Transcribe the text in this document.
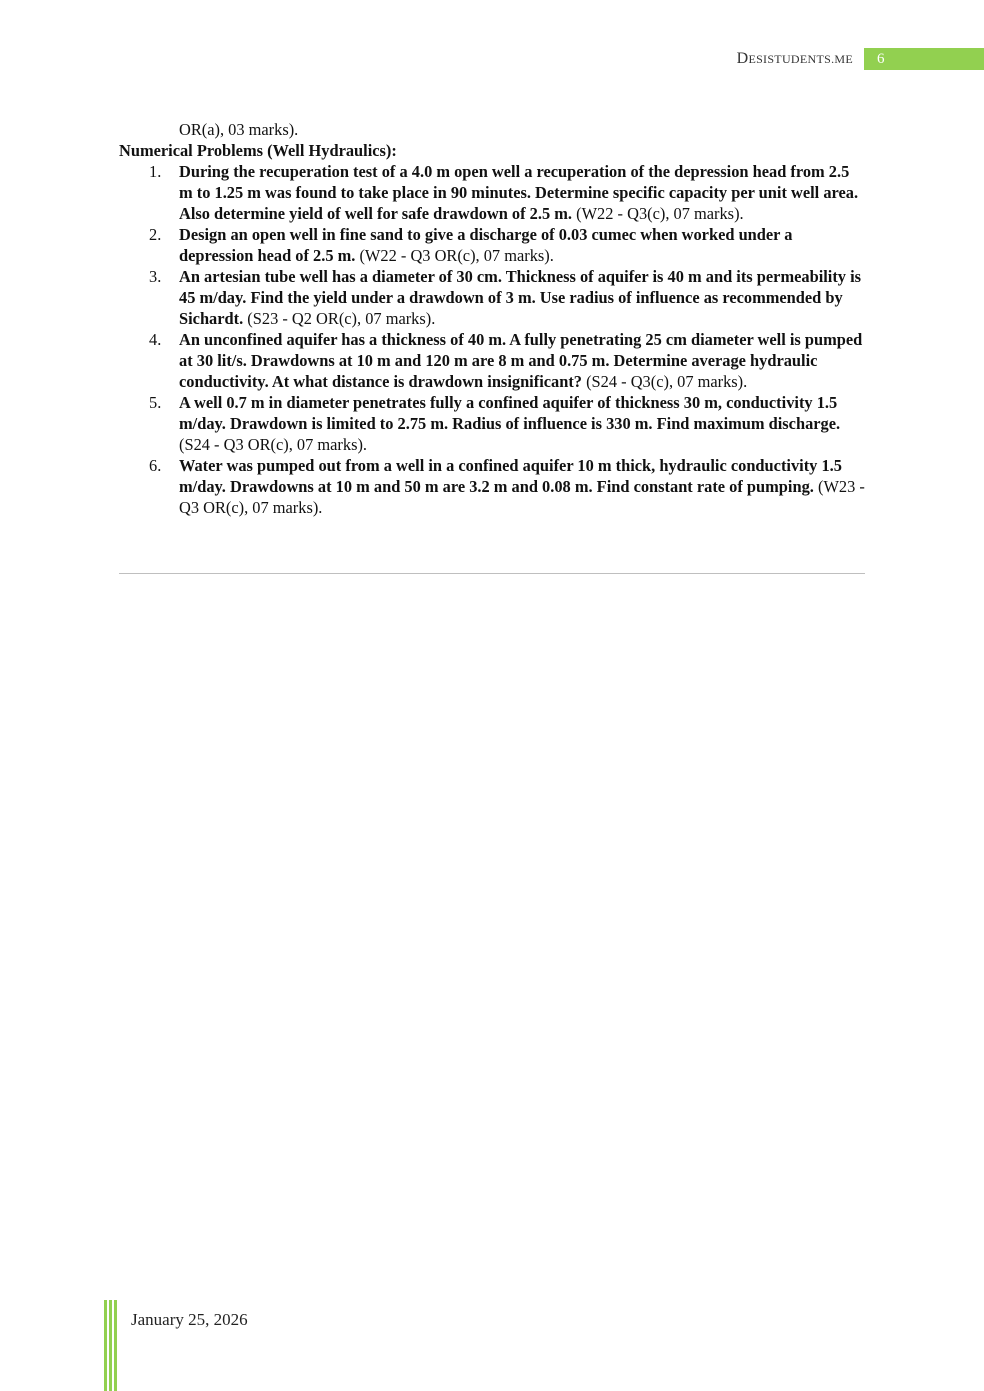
DESISTUDENTS.ME	6
OR(a), 03 marks).
Numerical Problems (Well Hydraulics):
1. During the recuperation test of a 4.0 m open well a recuperation of the depression head from 2.5 m to 1.25 m was found to take place in 90 minutes. Determine specific capacity per unit well area. Also determine yield of well for safe drawdown of 2.5 m. (W22 - Q3(c), 07 marks).
2. Design an open well in fine sand to give a discharge of 0.03 cumec when worked under a depression head of 2.5 m. (W22 - Q3 OR(c), 07 marks).
3. An artesian tube well has a diameter of 30 cm. Thickness of aquifer is 40 m and its permeability is 45 m/day. Find the yield under a drawdown of 3 m. Use radius of influence as recommended by Sichardt. (S23 - Q2 OR(c), 07 marks).
4. An unconfined aquifer has a thickness of 40 m. A fully penetrating 25 cm diameter well is pumped at 30 lit/s. Drawdowns at 10 m and 120 m are 8 m and 0.75 m. Determine average hydraulic conductivity. At what distance is drawdown insignificant? (S24 - Q3(c), 07 marks).
5. A well 0.7 m in diameter penetrates fully a confined aquifer of thickness 30 m, conductivity 1.5 m/day. Drawdown is limited to 2.75 m. Radius of influence is 330 m. Find maximum discharge. (S24 - Q3 OR(c), 07 marks).
6. Water was pumped out from a well in a confined aquifer 10 m thick, hydraulic conductivity 1.5 m/day. Drawdowns at 10 m and 50 m are 3.2 m and 0.08 m. Find constant rate of pumping. (W23 - Q3 OR(c), 07 marks).
January 25, 2026
